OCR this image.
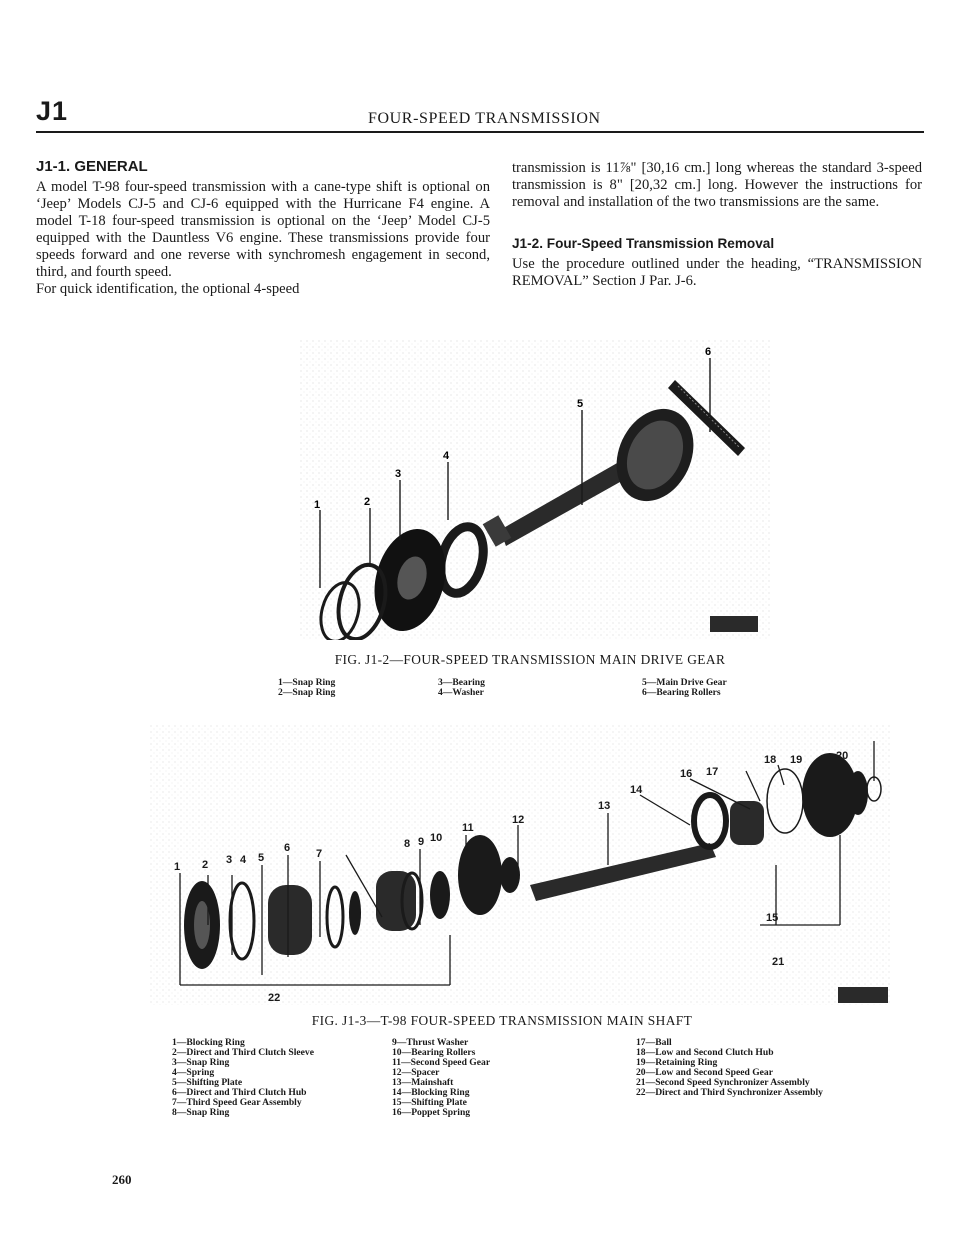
J1	FOUR-SPEED TRANSMISSION
J1-1. GENERAL

A model T-98 four-speed transmission with a cane-type shift is optional on ‘Jeep’ Models CJ-5 and CJ-6 equipped with the Hurricane F4 engine. A model T-18 four-speed transmission is optional on the ‘Jeep’ Model CJ-5 equipped with the Dauntless V6 engine. These transmissions provide four speeds forward and one reverse with synchromesh engagement in second, third, and fourth speed.

For quick identification, the optional 4-speed

transmission is 11⅞" [30,16 cm.] long whereas the standard 3-speed transmission is 8" [20,32 cm.] long. However the instructions for removal and installation of the two transmissions are the same.

J1-2. Four-Speed Transmission Removal

Use the procedure outlined under the heading, “TRANSMISSION REMOVAL” Section J Par. J-6.

1	2
3
4
5
6
FIG. J1-2—FOUR-SPEED TRANSMISSION MAIN DRIVE GEAR
1—Snap Ring
2—Snap Ring
3—Bearing
4—Washer
5—Main Drive Gear
6—Bearing Rollers
1 2 3 4 5
6 7
8 9 10
11
12
13
14
15
16 17
18 19	20
21
22
FIG. J1-3—T-98 FOUR-SPEED TRANSMISSION MAIN SHAFT
1—Blocking Ring
2—Direct and Third Clutch Sleeve
3—Snap Ring
4—Spring
5—Shifting Plate
6—Direct and Third Clutch Hub
7—Third Speed Gear Assembly
8—Snap Ring
9—Thrust Washer
10—Bearing Rollers
11—Second Speed Gear
12—Spacer
13—Mainshaft
14—Blocking Ring
15—Shifting Plate
16—Poppet Spring
17—Ball
18—Low and Second Clutch Hub
19—Retaining Ring
20—Low and Second Speed Gear
21—Second Speed Synchronizer Assembly
22—Direct and Third Synchronizer Assembly
260
